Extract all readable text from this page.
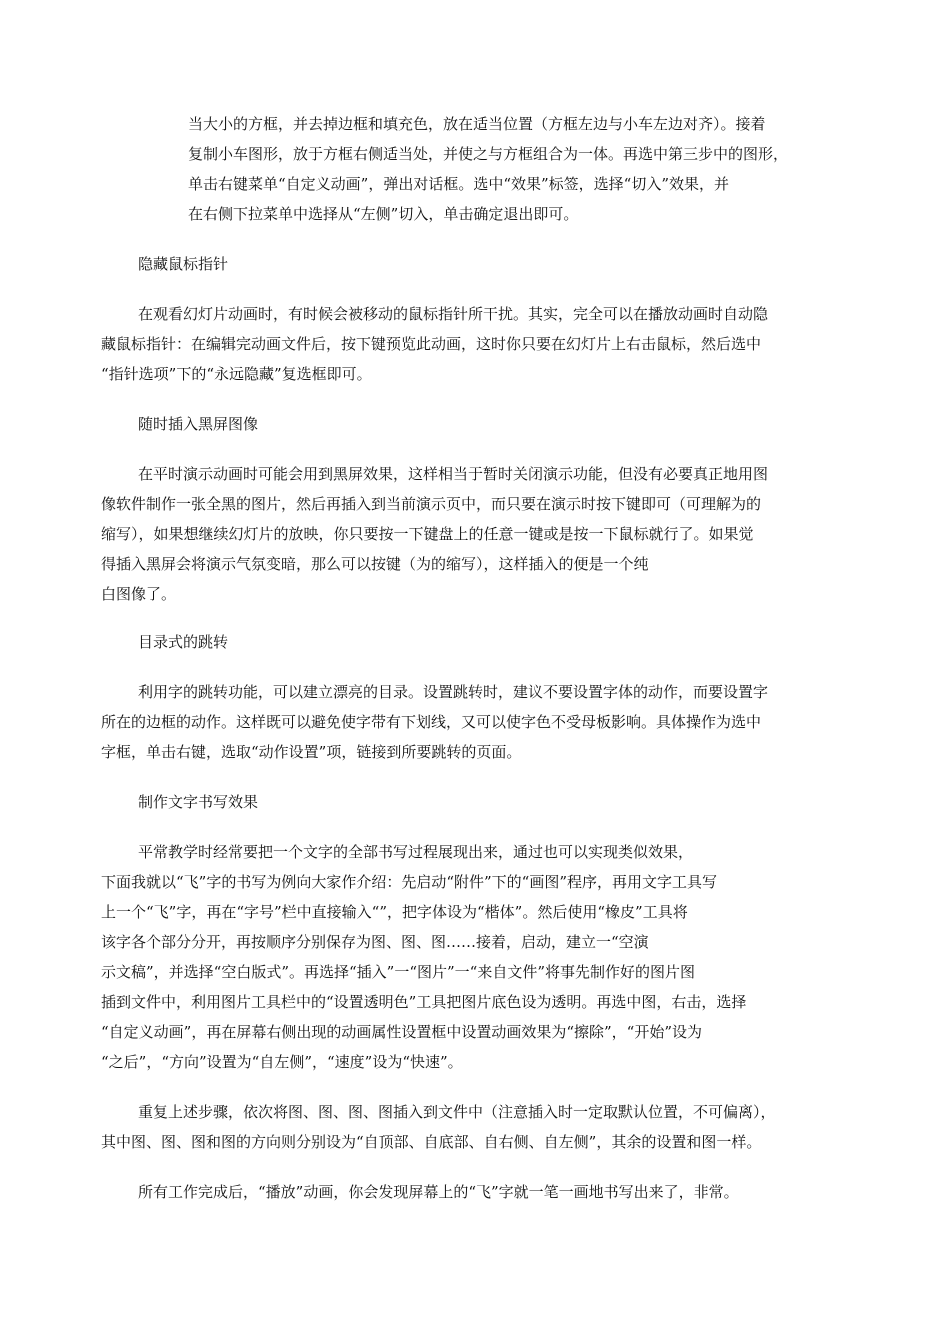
当大小的方框，并去掉边框和填充色，放在适当位置（方框左边与小车左边对齐）。接着
复制小车图形，放于方框右侧适当处，并使之与方框组合为一体。再选中第三步中的图形，
单击右键菜单“自定义动画”，弹出对话框。选中“效果”标签，选择“切入”效果，并
在右侧下拉菜单中选择从“左侧”切入，单击确定退出即可。
隐藏鼠标指针
在观看幻灯片动画时，有时候会被移动的鼠标指针所干扰。其实，完全可以在播放动画时自动隐
藏鼠标指针：在编辑完动画文件后，按下键预览此动画，这时你只要在幻灯片上右击鼠标，然后选中
“指针选项”下的“永远隐藏”复选框即可。
随时插入黑屏图像
在平时演示动画时可能会用到黑屏效果，这样相当于暂时关闭演示功能，但没有必要真正地用图
像软件制作一张全黑的图片，然后再插入到当前演示页中，而只要在演示时按下键即可（可理解为的
缩写），如果想继续幻灯片的放映，你只要按一下键盘上的任意一键或是按一下鼠标就行了。如果觉
得插入黑屏会将演示气氛变暗，那么可以按键（为的缩写），这样插入的便是一个纯
白图像了。
目录式的跳转
利用字的跳转功能，可以建立漂亮的目录。设置跳转时，建议不要设置字体的动作，而要设置字
所在的边框的动作。这样既可以避免使字带有下划线，又可以使字色不受母板影响。具体操作为选中
字框，单击右键，选取“动作设置”项，链接到所要跳转的页面。
制作文字书写效果
平常教学时经常要把一个文字的全部书写过程展现出来，通过也可以实现类似效果，
下面我就以“飞”字的书写为例向大家作介绍：先启动“附件”下的“画图”程序，再用文字工具写
上一个“飞”字，再在“字号”栏中直接输入“”，把字体设为“楷体”。然后使用“橡皮”工具将
该字各个部分分开，再按顺序分别保存为图、图、图……接着，启动，建立一“空演
示文稿”，并选择“空白版式”。再选择“插入”一“图片”一“来自文件”将事先制作好的图片图
插到文件中，利用图片工具栏中的“设置透明色”工具把图片底色设为透明。再选中图，右击，选择
“自定义动画”，再在屏幕右侧出现的动画属性设置框中设置动画效果为“擦除”，“开始”设为
“之后”，“方向”设置为“自左侧”，“速度”设为“快速”。
重复上述步骤，依次将图、图、图、图插入到文件中（注意插入时一定取默认位置，不可偏离），
其中图、图、图和图的方向则分别设为“自顶部、自底部、自右侧、自左侧”，其余的设置和图一样。
所有工作完成后，“播放”动画，你会发现屏幕上的“飞”字就一笔一画地书写出来了，非常。
